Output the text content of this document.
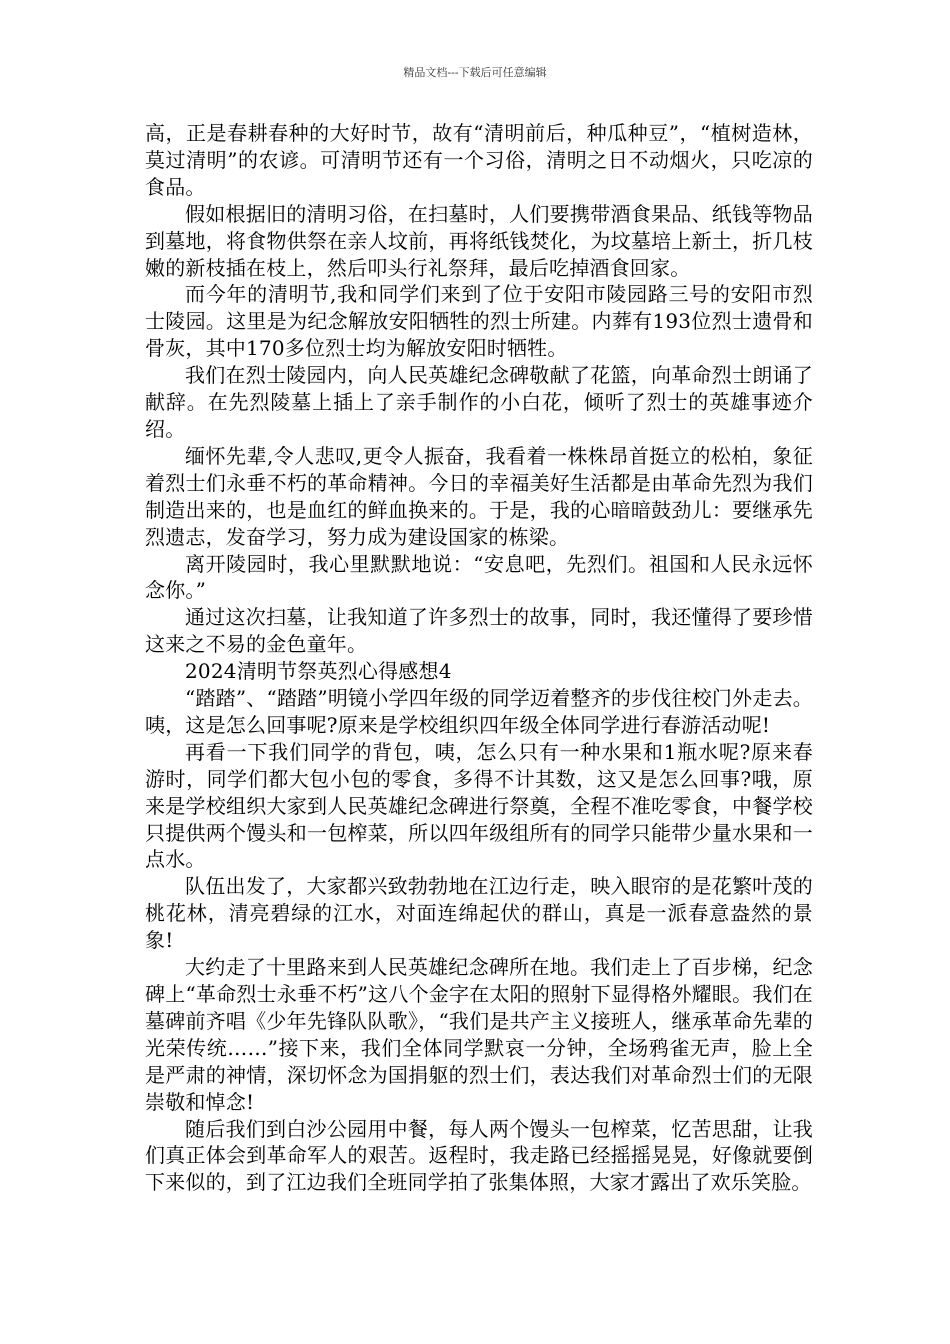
精品文档---下载后可任意编辑

高，正是春耕春种的大好时节，故有“清明前后，种瓜种豆”，“植树造林，莫过清明”的农谚。可清明节还有一个习俗，清明之日不动烟火，只吃凉的食品。

假如根据旧的清明习俗，在扫墓时，人们要携带酒食果品、纸钱等物品到墓地，将食物供祭在亲人坟前，再将纸钱焚化，为坟墓培上新土，折几枝嫩的新枝插在枝上，然后叩头行礼祭拜，最后吃掉酒食回家。

而今年的清明节,我和同学们来到了位于安阳市陵园路三号的安阳市烈士陵园。这里是为纪念解放安阳牺牲的烈士所建。内葬有193位烈士遗骨和骨灰，其中170多位烈士均为解放安阳时牺牲。

我们在烈士陵园内，向人民英雄纪念碑敬献了花篮，向革命烈士朗诵了献辞。在先烈陵墓上插上了亲手制作的小白花，倾听了烈士的英雄事迹介绍。

缅怀先辈,令人悲叹,更令人振奋，我看着一株株昂首挺立的松柏，象征着烈士们永垂不朽的革命精神。今日的幸福美好生活都是由革命先烈为我们制造出来的，也是血红的鲜血换来的。于是，我的心暗暗鼓劲儿：要继承先烈遗志，发奋学习，努力成为建设国家的栋梁。

离开陵园时，我心里默默地说：“安息吧，先烈们。祖国和人民永远怀念你。”

通过这次扫墓，让我知道了许多烈士的故事，同时，我还懂得了要珍惜这来之不易的金色童年。

2024清明节祭英烈心得感想4

“踏踏”、“踏踏”明镜小学四年级的同学迈着整齐的步伐往校门外走去。咦，这是怎么回事呢?原来是学校组织四年级全体同学进行春游活动呢!

再看一下我们同学的背包，咦，怎么只有一种水果和1瓶水呢?原来春游时，同学们都大包小包的零食，多得不计其数，这又是怎么回事?哦，原来是学校组织大家到人民英雄纪念碑进行祭奠，全程不准吃零食，中餐学校只提供两个馒头和一包榨菜，所以四年级组所有的同学只能带少量水果和一点水。

队伍出发了，大家都兴致勃勃地在江边行走，映入眼帘的是花繁叶茂的桃花林，清亮碧绿的江水，对面连绵起伏的群山，真是一派春意盎然的景象!

大约走了十里路来到人民英雄纪念碑所在地。我们走上了百步梯，纪念碑上“革命烈士永垂不朽”这八个金字在太阳的照射下显得格外耀眼。我们在墓碑前齐唱《少年先锋队队歌》，“我们是共产主义接班人，继承革命先辈的光荣传统……”接下来，我们全体同学默哀一分钟，全场鸦雀无声，脸上全是严肃的神情，深切怀念为国捐躯的烈士们，表达我们对革命烈士们的无限崇敬和悼念!

随后我们到白沙公园用中餐，每人两个馒头一包榨菜，忆苦思甜，让我们真正体会到革命军人的艰苦。返程时，我走路已经摇摇晃晃，好像就要倒下来似的，到了江边我们全班同学拍了张集体照，大家才露出了欢乐笑脸。
